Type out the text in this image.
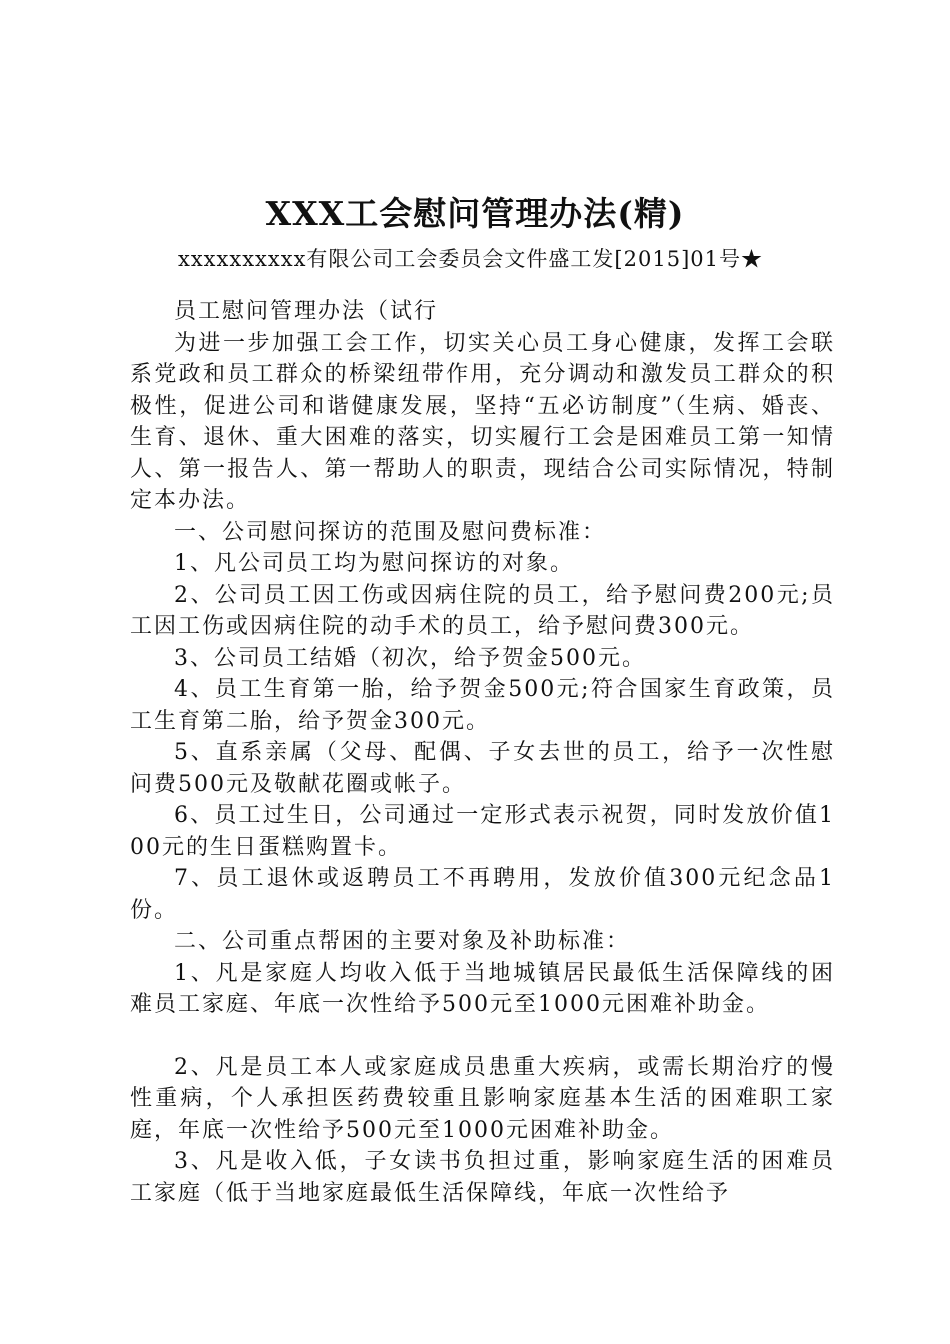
XXX工会慰问管理办法(精)
xxxxxxxxxx有限公司工会委员会文件盛工发[2015]01号★

员工慰问管理办法（试行

为进一步加强工会工作，切实关心员工身心健康，发挥工会联系党政和员工群众的桥梁纽带作用，充分调动和激发员工群众的积极性，促进公司和谐健康发展，坚持“五必访制度”（生病、婚丧、生育、退休、重大困难的落实，切实履行工会是困难员工第一知情人、第一报告人、第一帮助人的职责，现结合公司实际情况，特制定本办法。

一、公司慰问探访的范围及慰问费标准：

1、凡公司员工均为慰问探访的对象。

2、公司员工因工伤或因病住院的员工，给予慰问费200元;员工因工伤或因病住院的动手术的员工，给予慰问费300元。

3、公司员工结婚（初次，给予贺金500元。

4、员工生育第一胎，给予贺金500元;符合国家生育政策，员工生育第二胎，给予贺金300元。

5、直系亲属（父母、配偶、子女去世的员工，给予一次性慰问费500元及敬献花圈或帐子。

6、员工过生日，公司通过一定形式表示祝贺，同时发放价值100元的生日蛋糕购置卡。

7、员工退休或返聘员工不再聘用，发放价值300元纪念品1份。

二、公司重点帮困的主要对象及补助标准：

1、凡是家庭人均收入低于当地城镇居民最低生活保障线的困难员工家庭、年底一次性给予500元至1000元困难补助金。

2、凡是员工本人或家庭成员患重大疾病，或需长期治疗的慢性重病，个人承担医药费较重且影响家庭基本生活的困难职工家庭，年底一次性给予500元至1000元困难补助金。

3、凡是收入低，子女读书负担过重，影响家庭生活的困难员工家庭（低于当地家庭最低生活保障线，年底一次性给予
